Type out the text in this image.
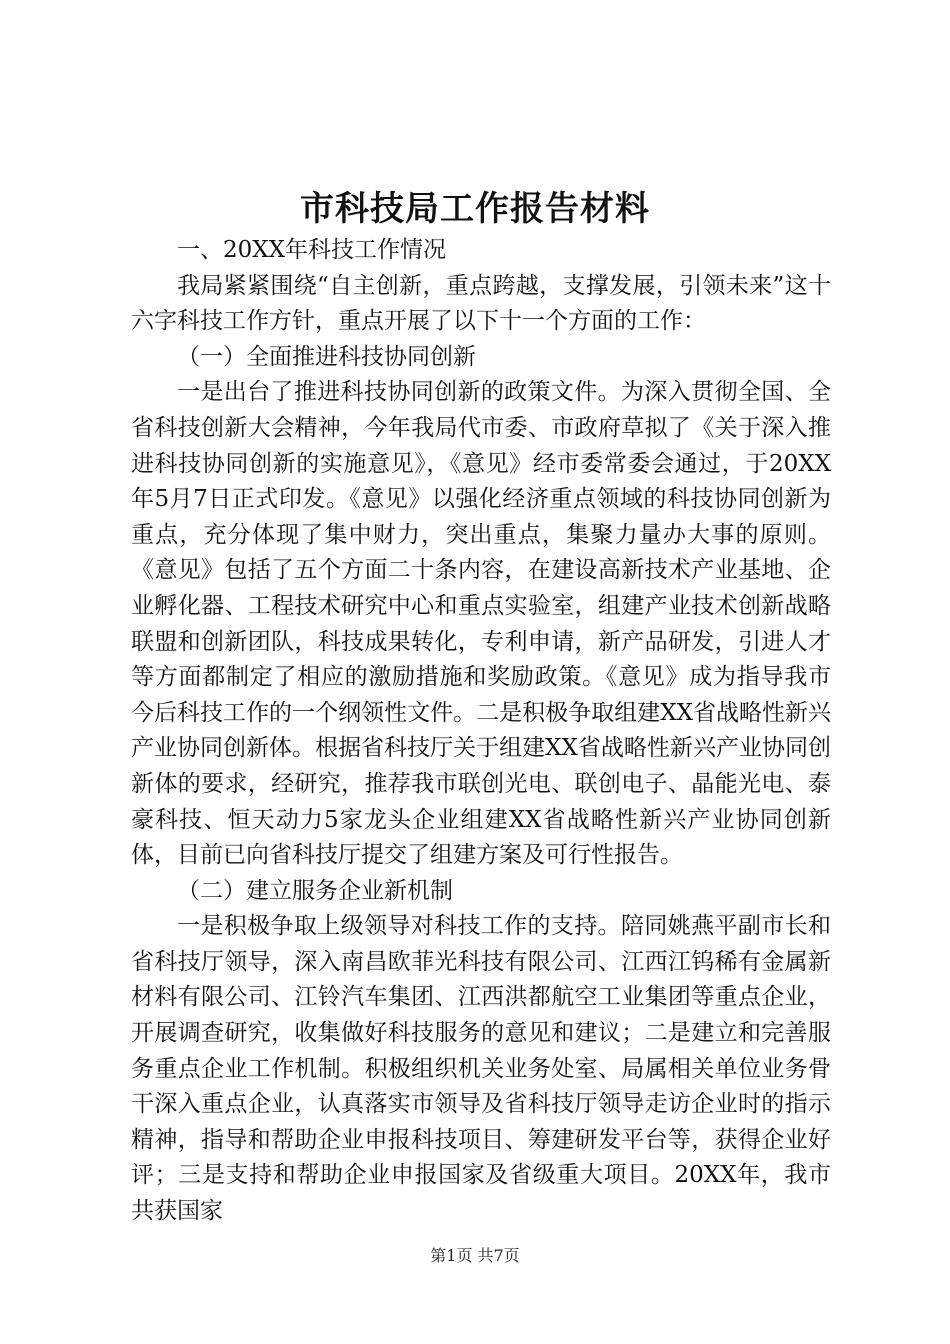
市科技局工作报告材料

一、20XX年科技工作情况

我局紧紧围绕“自主创新，重点跨越，支撑发展，引领未来”这十六字科技工作方针，重点开展了以下十一个方面的工作：

（一）全面推进科技协同创新

一是出台了推进科技协同创新的政策文件。为深入贯彻全国、全省科技创新大会精神，今年我局代市委、市政府草拟了《关于深入推进科技协同创新的实施意见》，《意见》经市委常委会通过，于20XX年5月7日正式印发。《意见》以强化经济重点领域的科技协同创新为重点，充分体现了集中财力，突出重点，集聚力量办大事的原则。《意见》包括了五个方面二十条内容，在建设高新技术产业基地、企业孵化器、工程技术研究中心和重点实验室，组建产业技术创新战略联盟和创新团队，科技成果转化，专利申请，新产品研发，引进人才等方面都制定了相应的激励措施和奖励政策。《意见》成为指导我市今后科技工作的一个纲领性文件。二是积极争取组建XX省战略性新兴产业协同创新体。根据省科技厅关于组建XX省战略性新兴产业协同创新体的要求，经研究，推荐我市联创光电、联创电子、晶能光电、泰豪科技、恒天动力5家龙头企业组建XX省战略性新兴产业协同创新体，目前已向省科技厅提交了组建方案及可行性报告。

（二）建立服务企业新机制

一是积极争取上级领导对科技工作的支持。陪同姚燕平副市长和省科技厅领导，深入南昌欧菲光科技有限公司、江西江钨稀有金属新材料有限公司、江铃汽车集团、江西洪都航空工业集团等重点企业，开展调查研究，收集做好科技服务的意见和建议；二是建立和完善服务重点企业工作机制。积极组织机关业务处室、局属相关单位业务骨干深入重点企业，认真落实市领导及省科技厅领导走访企业时的指示精神，指导和帮助企业申报科技项目、筹建研发平台等，获得企业好评；三是支持和帮助企业申报国家及省级重大项目。20XX年，我市共获国家

第1页 共7页
